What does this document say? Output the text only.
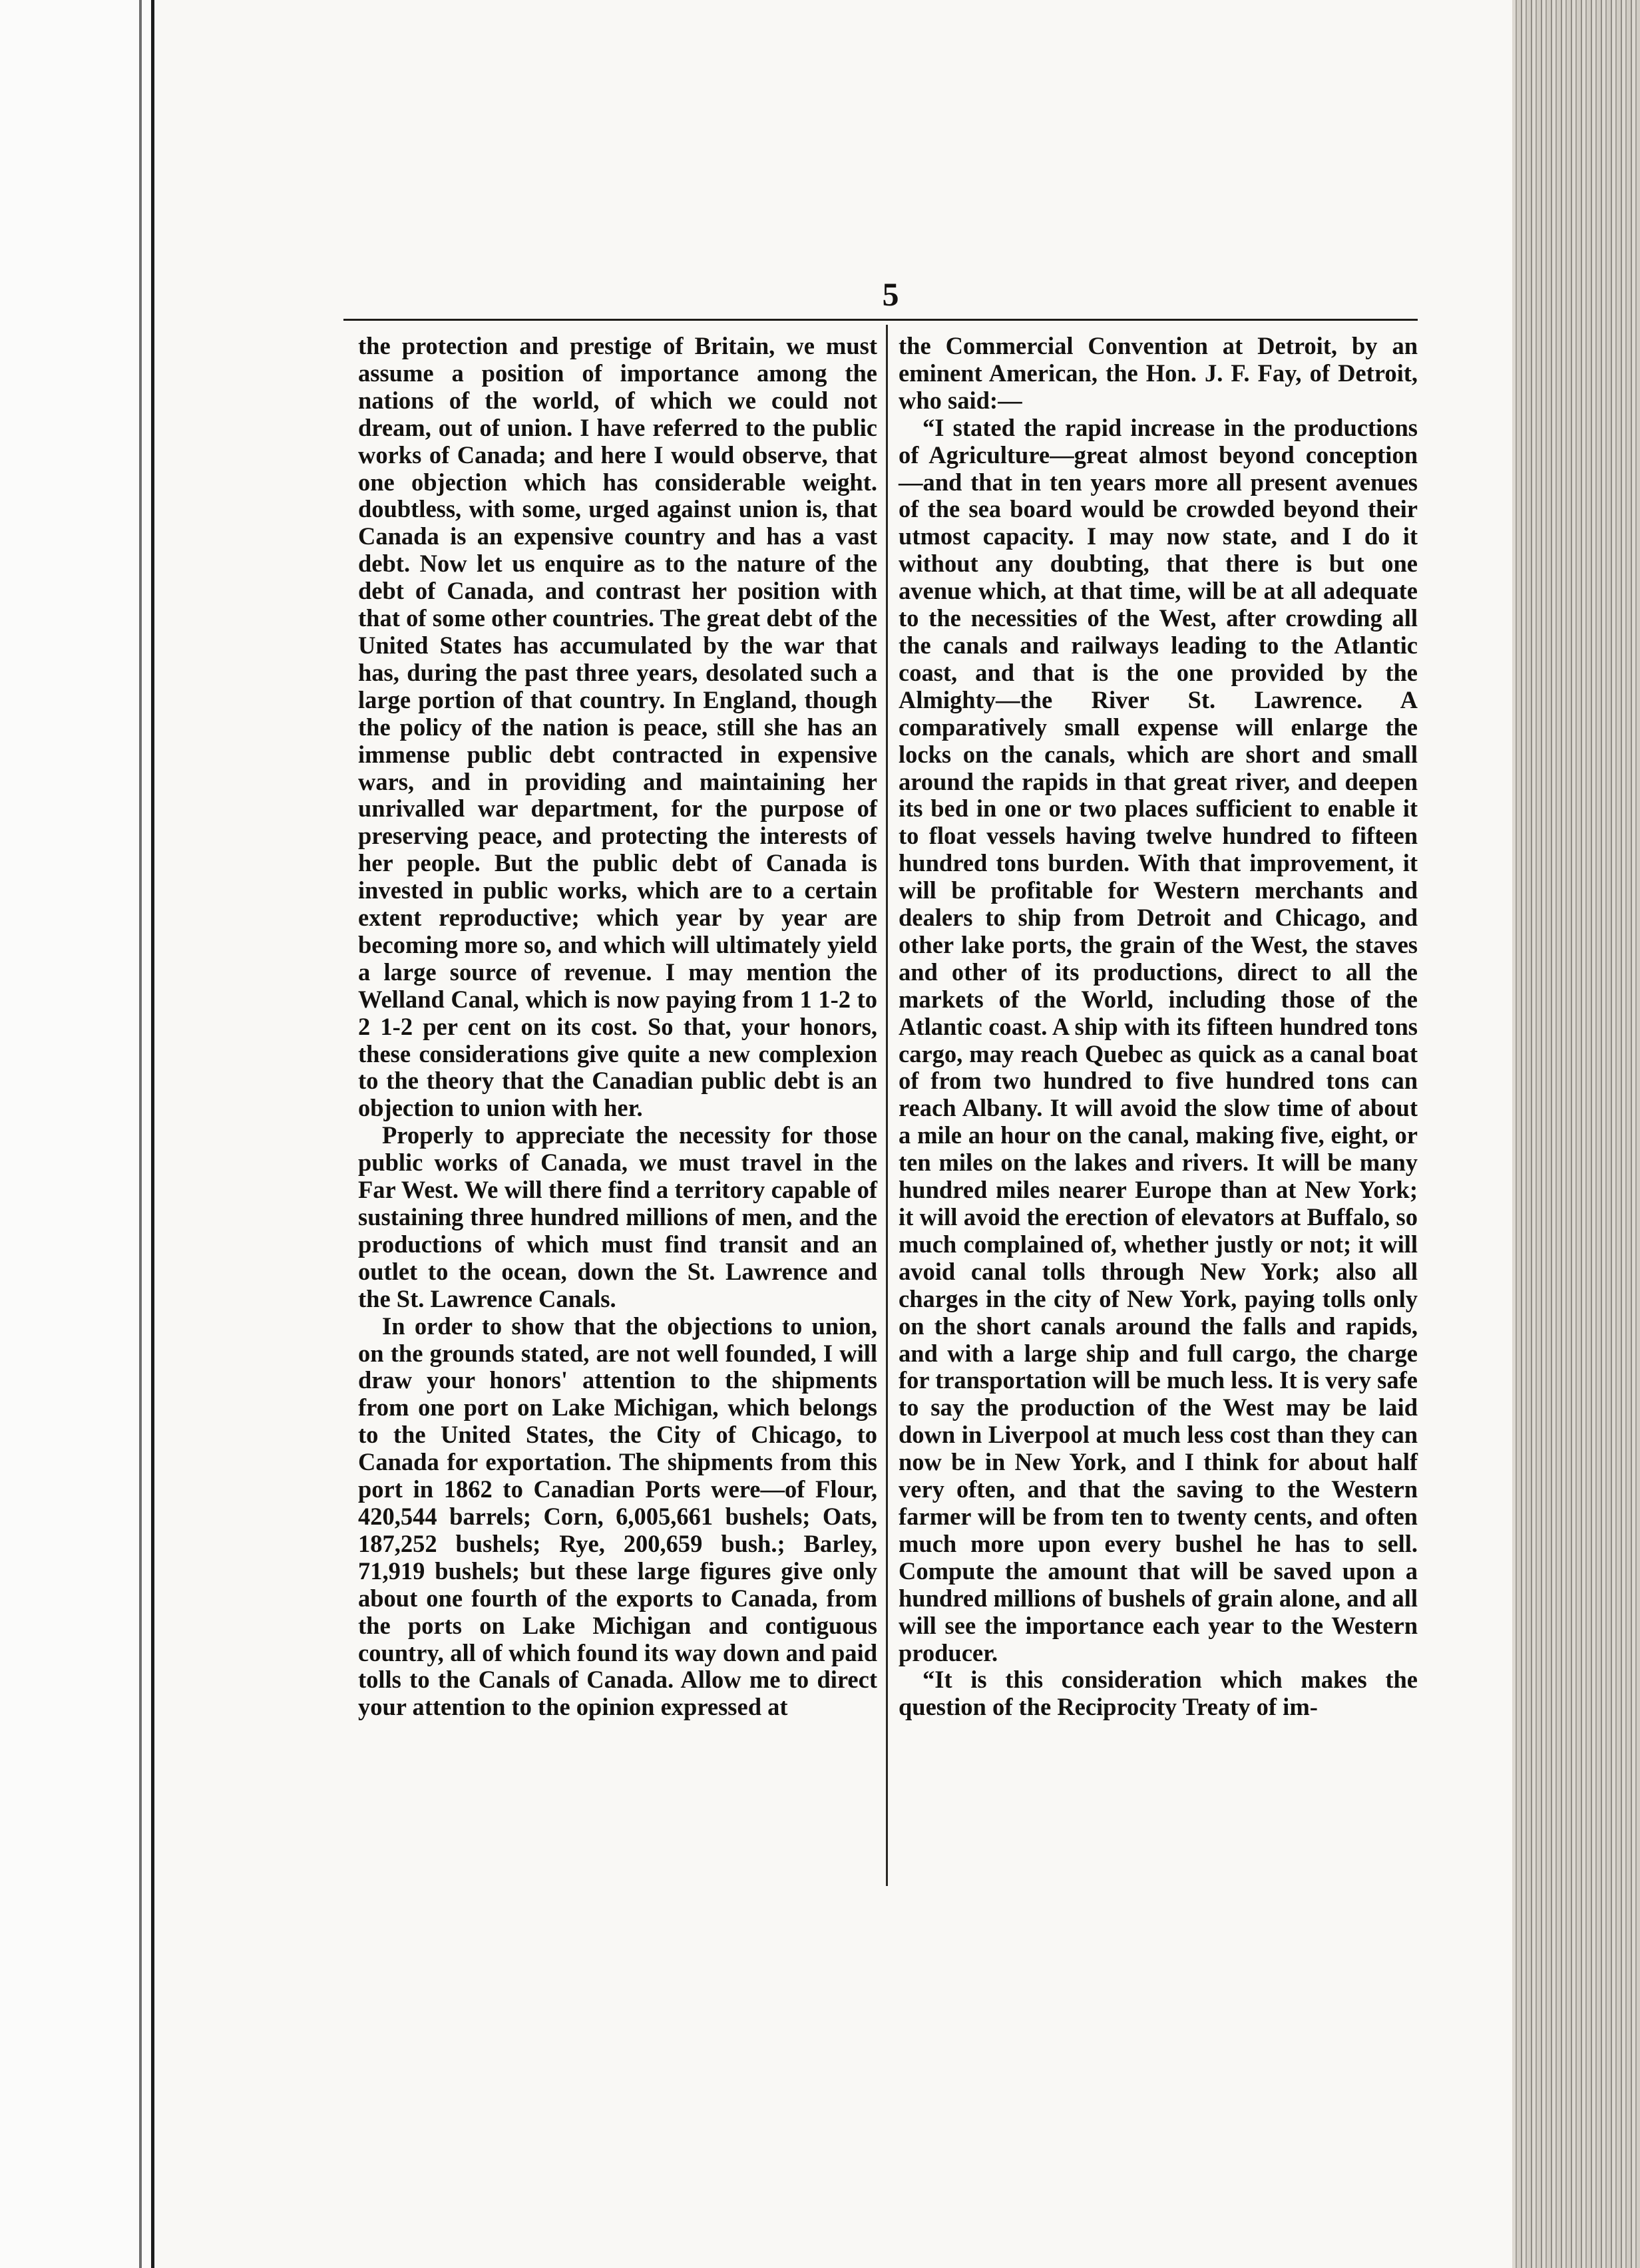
5

the protection and prestige of Britain, we must assume a position of importance among the nations of the world, of which we could not dream, out of union. I have referred to the public works of Canada; and here I would observe, that one objection which has considerable weight. doubtless, with some, urged against union is, that Canada is an expensive country and has a vast debt. Now let us enquire as to the nature of the debt of Canada, and contrast her position with that of some other countries. The great debt of the United States has accumulated by the war that has, during the past three years, desolated such a large portion of that country. In England, though the policy of the nation is peace, still she has an immense public debt contracted in expensive wars, and in providing and maintaining her unrivalled war department, for the purpose of preserving peace, and protecting the interests of her people. But the public debt of Canada is invested in public works, which are to a certain extent reproductive; which year by year are becoming more so, and which will ultimately yield a large source of revenue. I may mention the Welland Canal, which is now paying from 1 1-2 to 2 1-2 per cent on its cost. So that, your honors, these considerations give quite a new complexion to the theory that the Canadian public debt is an objection to union with her.

Properly to appreciate the necessity for those public works of Canada, we must travel in the Far West. We will there find a territory capable of sustaining three hundred millions of men, and the productions of which must find transit and an outlet to the ocean, down the St. Lawrence and the St. Lawrence Canals.

In order to show that the objections to union, on the grounds stated, are not well founded, I will draw your honors' attention to the shipments from one port on Lake Michigan, which belongs to the United States, the City of Chicago, to Canada for exportation. The shipments from this port in 1862 to Canadian Ports were—of Flour, 420,544 barrels; Corn, 6,005,661 bushels; Oats, 187,252 bushels; Rye, 200,659 bush.; Barley, 71,919 bushels; but these large figures give only about one fourth of the exports to Canada, from the ports on Lake Michigan and contiguous country, all of which found its way down and paid tolls to the Canals of Canada. Allow me to direct your attention to the opinion expressed at

the Commercial Convention at Detroit, by an eminent American, the Hon. J. F. Fay, of Detroit, who said:—

“I stated the rapid increase in the productions of Agriculture—great almost beyond conception—and that in ten years more all present avenues of the sea board would be crowded beyond their utmost capacity. I may now state, and I do it without any doubting, that there is but one avenue which, at that time, will be at all adequate to the necessities of the West, after crowding all the canals and railways leading to the Atlantic coast, and that is the one provided by the Almighty—the River St. Lawrence. A comparatively small expense will enlarge the locks on the canals, which are short and small around the rapids in that great river, and deepen its bed in one or two places sufficient to enable it to float vessels having twelve hundred to fifteen hundred tons burden. With that improvement, it will be profitable for Western merchants and dealers to ship from Detroit and Chicago, and other lake ports, the grain of the West, the staves and other of its productions, direct to all the markets of the World, including those of the Atlantic coast. A ship with its fifteen hundred tons cargo, may reach Quebec as quick as a canal boat of from two hundred to five hundred tons can reach Albany. It will avoid the slow time of about a mile an hour on the canal, making five, eight, or ten miles on the lakes and rivers. It will be many hundred miles nearer Europe than at New York; it will avoid the erection of elevators at Buffalo, so much complained of, whether justly or not; it will avoid canal tolls through New York; also all charges in the city of New York, paying tolls only on the short canals around the falls and rapids, and with a large ship and full cargo, the charge for transportation will be much less. It is very safe to say the production of the West may be laid down in Liverpool at much less cost than they can now be in New York, and I think for about half very often, and that the saving to the Western farmer will be from ten to twenty cents, and often much more upon every bushel he has to sell. Compute the amount that will be saved upon a hundred millions of bushels of grain alone, and all will see the importance each year to the Western producer.

“It is this consideration which makes the question of the Reciprocity Treaty of im-
